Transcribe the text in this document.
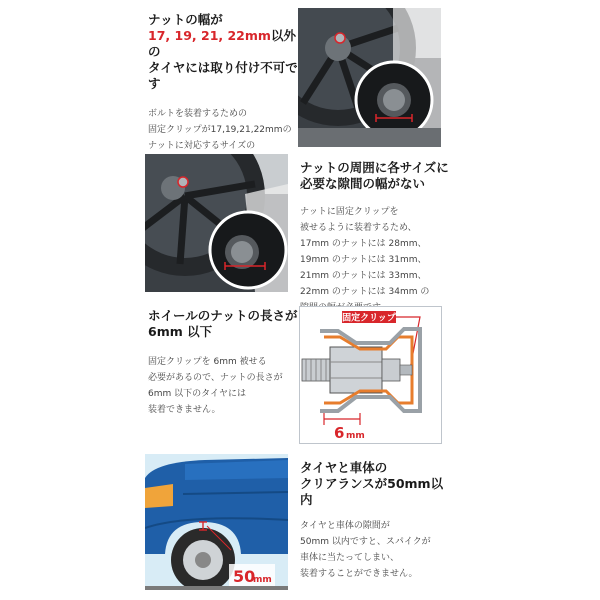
ナットの幅が
17, 19, 21, 22mm以外の
タイヤには取り付け不可です
ボルトを装着するための
固定クリップが17,19,21,22mmの
ナットに対応するサイズの
ナットの周囲に各サイズに
必要な隙間の幅がない
ナットに固定クリップを
被せるように装着するため、
17mm のナットには 28mm、
19mm のナットには 31mm、
21mm のナットには 33mm、
22mm のナットには 34mm の
ホイールのナットの長さが
6mm 以下
固定クリップを 6mm 被せる
必要があるので、ナットの長さが
6mm 以下のタイヤには
装着できません。
固定クリップ
6 mm
50
mm
タイヤと車体の
クリアランスが50mm以内
タイヤと車体の隙間が
50mm 以内ですと、スパイクが
車体に当たってしまい、
装着することができません。
